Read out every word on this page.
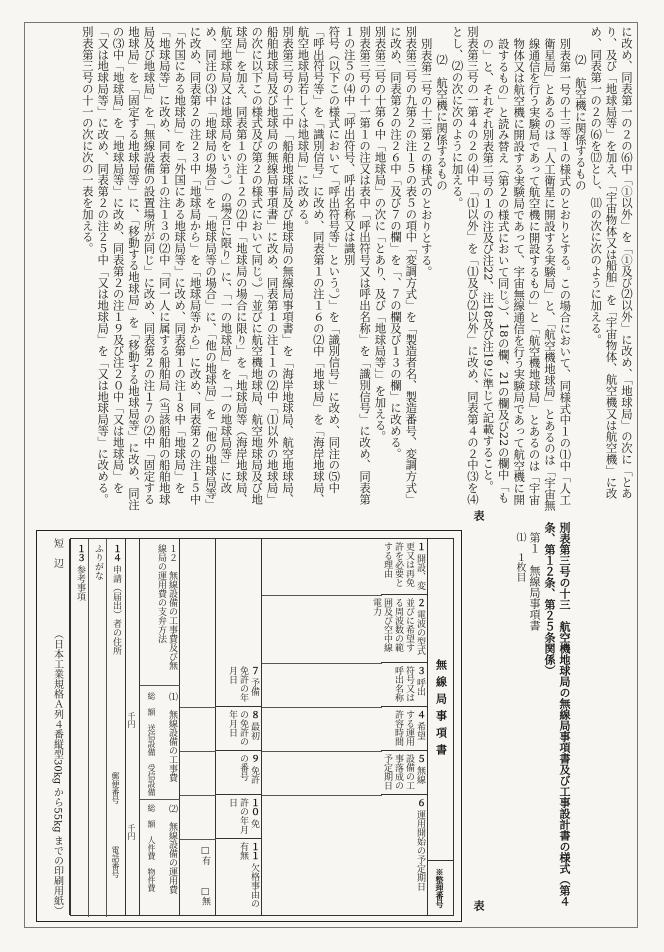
に改め、同表第一の２の⑹中「①以外」を「①及び⑵以外」に改め、「地球局」の次に「とあり、及び「地球局等」を加え、「宇宙物体又は船舶」を「宇宙物体、航空機又は航空機」に改め、同表第一の２の⑹を⑿とし、⑾の次に次のように加える。

⑵　航空機に関係するもの

別表第一号の十三等１の様式のとおりとする。この場合において、同様式中１の⑴中「人工衛星局」とあるのは「人工衛星に開設する実験局」と、「航空機地球局」とあるのは「宇宙無線通信を行う実験局であって航空機に開設するもの」と「航空機地球局」とあるのは「宇宙物体又は航空機に開設する実験局であって、宇宙無線通信を行う実験局であって航空機に開設するもの」と読み替え（第２の様式において同じ。）、18の欄、21の欄及び22の欄中「もの」と、それぞれ別表第二号の１の注及び注22、注18及び注19に準じて記載すること。

別表第三号の一第４の２の⑷中「⑴以外」を「⑴及び⑵以外」に改め、同表第４の２中⑶を⑷とし、⑵の次に次のように加える。

⑵　航空機に関係するもの

別表第二号の十三第２の様式のとおりとする。

別表第三号の九第２の注１５の表５の項中「変調方式」を「製造者名、製造番号、変調方式」に改め、同表第２の注２６中「及び７の欄」を「、７の欄及び１３の欄」に改める。

別表第三号の十第６中「地球局」の次に「とあり、及び「地球局等」」を加える。

別表第三号の十一第１の注又は表中「呼出符号又は呼出名称」を「識別信号」に改め、同表第１の注５の⑷中「呼出符号、呼出名称又は識別

符号（以下この様式において「呼出符号等」という。）」を「識別信号」に改め、同注の⑸中「呼出符号等」を「識別信号」に改め、同表第１の注１６の⑵中「地球局」を「海岸地球局、航空地球局若しくは地球局」に改める。

別表第三号の十二中「船舶地球局及び地球局の無線局事項書」を「海岸地球局、航空地球局、船舶地球局及び地球局の無線局事項書」に改め、同表第１の注１１の⑵中「⑴以外の地球局」の次に以下この様式及び第２の様式において同じ。）「並びに航空機地球局、航空地球局及び地球局」を加え、同表第１の注１２の⑵中「地球局の場合に限り」を「地球局等（海岸地球局、航空地球局又は地球局をいう。）の場合に限り」に、「一の地球局」を「一の地球局等」に改め、同注の⑶中「地球局の場合」を「地球局等の場合」に、「他の地球局」を「他の地球局等」に改め、同表第２の注２３中「地球局から」を「地球局等から」に改め、同表第２の注１５中「外国にある地球局」を「外国にある地球局等」に改め、同表第１の注１８中「地球局」を「地球局等」に改め、同表第１の注１３の⑵中「同一人に属する船舶局（当該船舶の船舶地球局及び地球局」を「無線設備の設置場所が同じ」に改め、同表第２の注１７の⑵中「固定する地球局」を「固定する地球局等」に、「移動する地球局」を「移動する地球局等」に改め、同注の⑶中「地球局」を「地球局等」に改め、同表第２の注１９及び注２０中「又は地球局」を「又は地球局等」に改め、同表第２の注２５中「又は地球局」を「又は地球局等」に改める。

別表第三号の十一の次に次の一表を加える。

別表第三号の十三　航空機地球局の無線局事項書及び工事設計書の様式（第４条、第１２条、第２５条関係）
第１　無線局事項書
⑴　１枚目
表
表
短　辺
（日本工業規格Ａ列４番縦型30kg から55kg までの印刷用紙）	無線局事項書
※整理番号
１ 開設、変更又は再免許を必要とする理由
２ 電波の型式並びに希望する周波数の範囲及び空中線電力
３ 呼出符号又は呼出名称
４ 希望する運用許容時間
５ 無線設備の工事落成の予定期日
６ 運用開始の予定期日
７ 予備免許の年月日
８ 最初の免許の年月日
９ 免許の番号
１０ 免許の年月日
１１ 欠格事由の有無
□有  □無
１２　無線設備の工事費及び無線局の運用費の支弁方法
⑴　無線設備の工事費
⑵　無線設備の運用費
総　額　送信設備　受信設備
総　額　人件費　物件費
千円
千円
１３ 参考事項
ふりがな １４ 申請（届出）者の住所
郵便番号
電話番号
